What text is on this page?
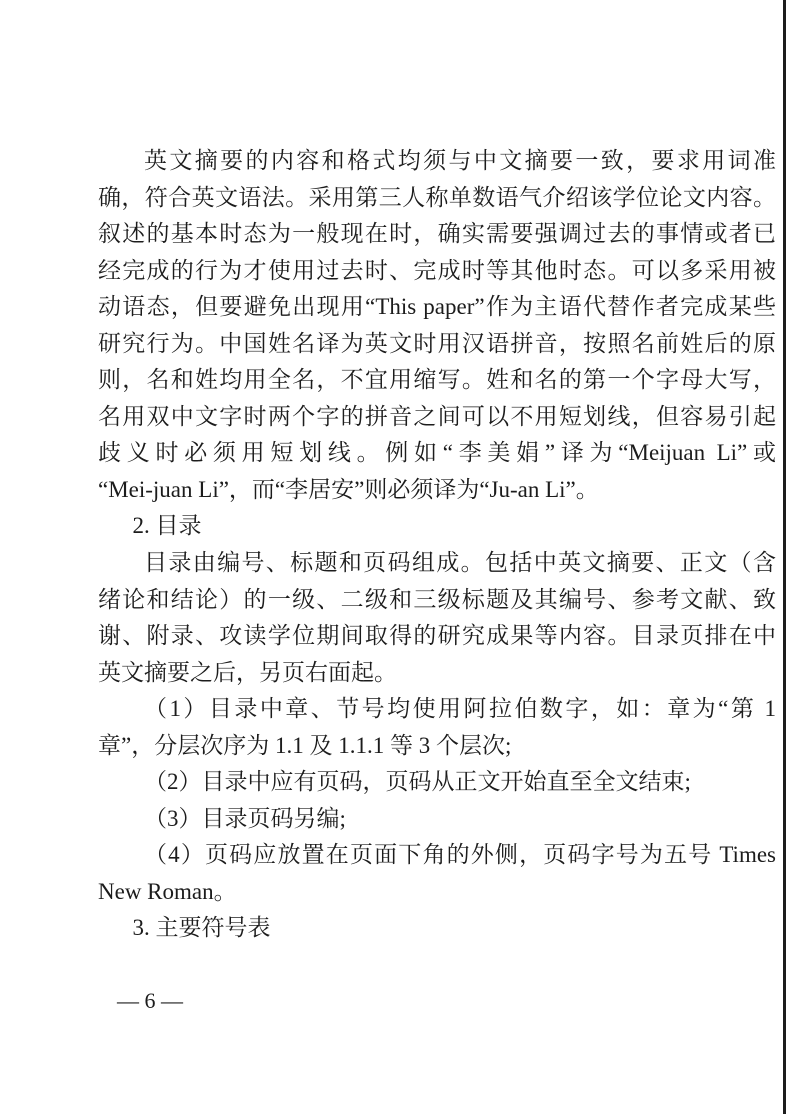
英文摘要的内容和格式均须与中文摘要一致，要求用词准
确，符合英文语法。采用第三人称单数语气介绍该学位论文内容。
叙述的基本时态为一般现在时，确实需要强调过去的事情或者已
经完成的行为才使用过去时、完成时等其他时态。可以多采用被
动语态，但要避免出现用“This paper”作为主语代替作者完成某些
研究行为。中国姓名译为英文时用汉语拼音，按照名前姓后的原
则，名和姓均用全名，不宜用缩写。姓和名的第一个字母大写，
名用双中文字时两个字的拼音之间可以不用短划线，但容易引起
歧义时必须用短划线。例如“李美娟”译为“Meijuan Li”或
“Mei-juan Li”，而“李居安”则必须译为“Ju-an Li”。
2. 目录
目录由编号、标题和页码组成。包括中英文摘要、正文（含
绪论和结论）的一级、二级和三级标题及其编号、参考文献、致
谢、附录、攻读学位期间取得的研究成果等内容。目录页排在中
英文摘要之后，另页右面起。
（1）目录中章、节号均使用阿拉伯数字，如：章为“第 1
章”，分层次序为 1.1 及 1.1.1 等 3 个层次;
（2）目录中应有页码，页码从正文开始直至全文结束;
（3）目录页码另编;
（4）页码应放置在页面下角的外侧，页码字号为五号 Times
New Roman。
3. 主要符号表
— 6 —
